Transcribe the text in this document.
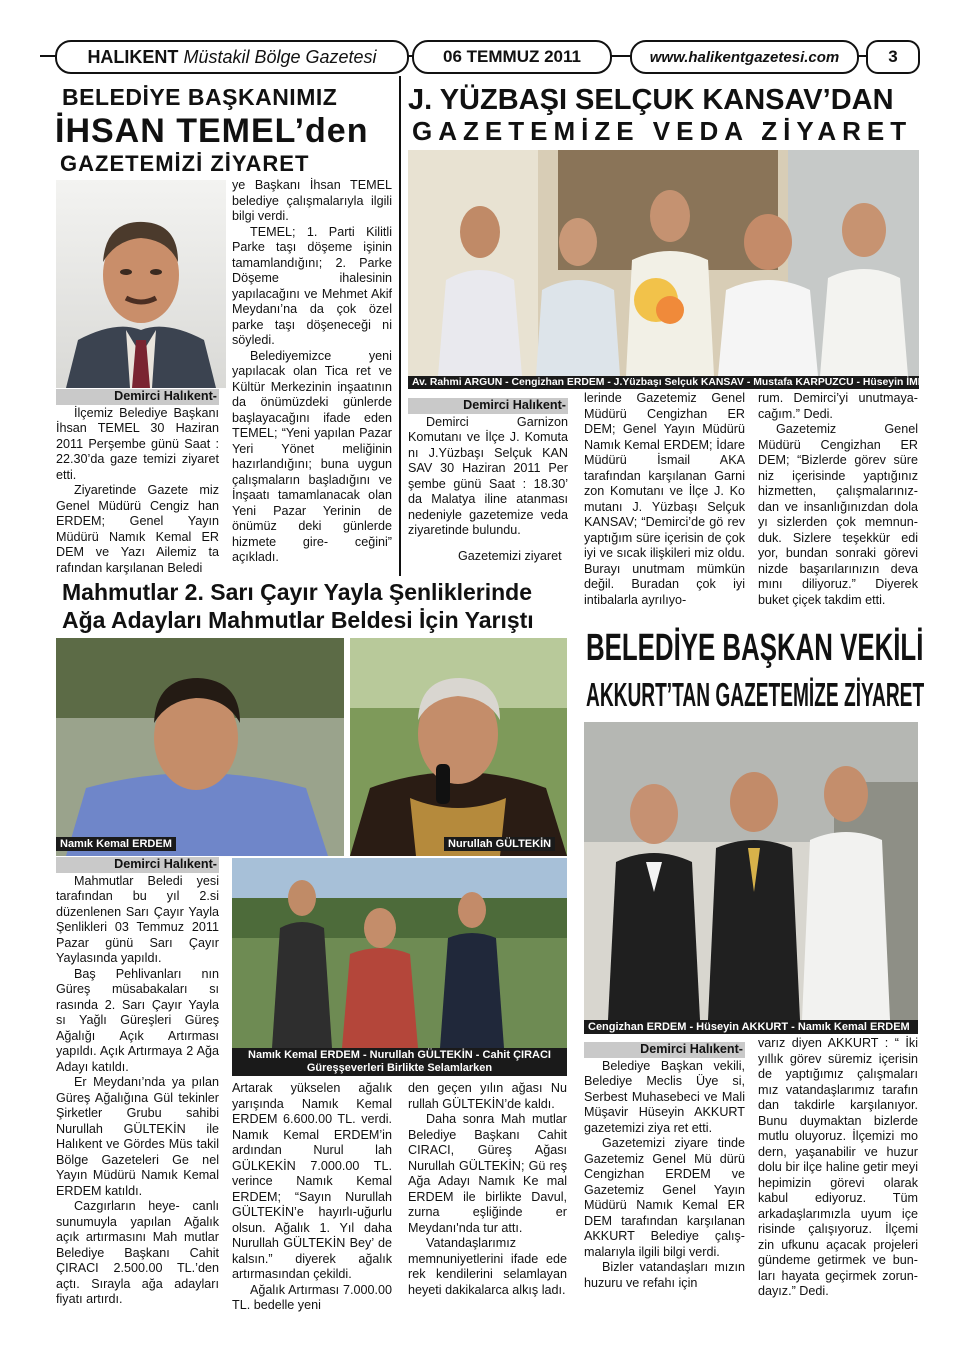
HALIKENT
Müstakil Bölge Gazetesi	06 TEMMUZ 2011	www.halikentgazetesi.com	3
BELEDİYE BAŞKANIMIZ
İHSAN TEMEL’den
GAZETEMİZİ ZİYARET
Demirci Halıkent-

İlçemiz Belediye Başkanı İhsan TEMEL 30 Haziran 2011 Perşembe günü Saat : 22.30’da gaze temizi ziyaret etti.

Ziyaretinde Gazete miz Genel Müdürü Cengiz han ERDEM; Genel Yayın Müdürü Namık Kemal ER DEM ve Yazı Ailemiz ta rafından karşılanan Beledi

ye Başkanı İhsan TEMEL belediye çalışmalarıyla ilgili bilgi verdi.

TEMEL; 1. Parti Kilitli Parke taşı döşeme işinin tamamlandığını; 2. Parke Döşeme ihalesinin yapılacağını ve Mehmet Akif Meydanı’na da çok özel parke taşı döşeneceği ni söyledi.

Belediyemizce yeni yapılacak olan Tica ret ve Kültür Merkezinin inşaatının da önümüzdeki günlerde başlayacağını ifade eden TEMEL; “Yeni yapılan Pazar Yeri Yönet meliğinin hazırlandığını; buna uygun çalışmaların başladığını ve İnşaatı tamamlanacak olan Yeni Pazar Yerinin de önümüz deki günlerde hizmete gire- ceğini” açıkladı.

J. YÜZBAŞI SELÇUK KANSAV’DAN
GAZETEMİZE VEDA ZİYARET
Av. Rahmi ARGUN - Cengizhan ERDEM - J.Yüzbaşı Selçuk KANSAV - Mustafa KARPUZCU - Hüseyin İMREN
Demirci Halıkent-

Demirci Garnizon Komutanı ve İlçe J. Komuta nı J.Yüzbaşı Selçuk KAN SAV 30 Haziran 2011 Per şembe günü Saat : 18.30’ da Malatya iline atanması nedeniyle gazetemize veda ziyaretinde bulundu.

Gazetemizi ziyaret

lerinde Gazetemiz Genel Müdürü Cengizhan ER DEM; Genel Yayın Müdürü Namık Kemal ERDEM; İdare Müdürü İsmail AKA tarafından karşılanan Garni zon Komutanı ve İlçe J. Ko mutanı J. Yüzbaşı Selçuk KANSAV; “Demirci’de gö rev yaptığım süre içerisin de çok iyi ve sıcak ilişkileri miz oldu. Burayı unutmam mümkün değil. Buradan çok iyi intibalarla ayrılıyo-

rum. Demirci’yi unutmaya- cağım.” Dedi.

Gazetemiz Genel Müdürü Cengizhan ER DEM; “Bizlerde görev süre niz içerisinde yaptığınız hizmetten, çalışmalarınız- dan ve insanlığınızdan dola yı sizlerden çok memnun- duk. Sizlere teşekkür edi yor, bundan sonraki görevi nizde başarılarınızın deva mını diliyoruz.” Diyerek buket çiçek takdim etti.

Mahmutlar 2. Sarı Çayır Yayla Şenliklerinde
Ağa Adayları Mahmutlar Beldesi İçin Yarıştı
Namık Kemal ERDEM	Nurullah GÜLTEKİN
Namık Kemal ERDEM - Nurullah GÜLTEKİN - Cahit ÇIRACI
Güreşşeverleri Birlikte Selamlarken
Demirci Halıkent-

Mahmutlar Beledi yesi tarafından bu yıl 2.si düzenlenen Sarı Çayır Yayla Şenlikleri 03 Temmuz 2011 Pazar günü Sarı Çayır Yaylasında yapıldı.

Baş Pehlivanları nın Güreş müsabakaları sı rasında 2. Sarı Çayır Yayla sı Yağlı Güreşleri Güreş Ağalığı Açık Artırması yapıldı. Açık Artırmaya 2 Ağa Adayı katıldı.

Er Meydanı’nda ya pılan Güreş Ağalığına Gül tekinler Şirketler Grubu sahibi Nurullah GÜLTEKİN ile Halıkent ve Gördes Müs takil Bölge Gazeteleri Ge nel Yayın Müdürü Namık Kemal ERDEM katıldı.

Cazgırların heye- canlı sunumuyla yapılan Ağalık açık artırmasını Mah mutlar Belediye Başkanı Cahit ÇIRACI 2.500.00 TL.’den açtı. Sırayla ağa adayları fiyatı artırdı.

Artarak yükselen ağalık yarışında Namık Kemal ERDEM 6.600.00 TL. verdi. Namık Kemal ERDEM’in ardından Nurul lah GÜLKEKİN 7.000.00 TL. verince Namık Kemal ERDEM; “Sayın Nurullah GÜLTEKİN’e hayırlı-uğurlu olsun. Ağalık 1. Yıl daha Nurullah GÜLTEKİN Bey’ de kalsın.” diyerek ağalık artırmasından çekildi.

Ağalık Artırması 7.000.00 TL. bedelle yeni

den geçen yılın ağası Nu rullah GÜLTEKİN’de kaldı.

Daha sonra Mah mutlar Belediye Başkanı Cahit CIRACI, Güreş Ağası Nurullah GÜLTEKİN; Gü reş Ağa Adayı Namık Ke mal ERDEM ile birlikte Davul, zurna eşliğinde er Meydanı'nda tur attı.

Vatandaşlarımız memnuniyetlerini ifade ede rek kendilerini selamlayan heyeti dakikalarca alkış ladı.

BELEDİYE BAŞKAN VEKİLİ
AKKURT’TAN GAZETEMİZE ZİYARET
Cengizhan ERDEM - Hüseyin AKKURT - Namık Kemal ERDEM
Demirci Halıkent-

Belediye Başkan vekili, Belediye Meclis Üye si, Serbest Muhasebeci ve Mali Müşavir Hüseyin AKKURT gazetemizi ziya ret etti.

Gazetemizi ziyare tinde Gazetemiz Genel Mü dürü Cengizhan ERDEM ve Gazetemiz Genel Yayın Müdürü Namık Kemal ER DEM tarafından karşılanan AKKURT Belediye çalış- malarıyla ilgili bilgi verdi.

Bizler vatandaşları mızın huzuru ve refahı için

varız diyen AKKURT : “ İki yıllık görev süremiz içerisin de yaptığımız çalışmaları mız vatandaşlarımız tarafın dan takdirle karşılanıyor. Bunu duymaktan bizlerde mutlu oluyoruz. İlçemizi mo dern, yaşanabilir ve huzur dolu bir ilçe haline getir meyi hepimizin görevi olarak kabul ediyoruz. Tüm arkadaşlarımızla uyum içe risinde çalışıyoruz. İlçemi zin ufkunu açacak projeleri gündeme getirmek ve bun- ları hayata geçirmek zorun- dayız.” Dedi.
